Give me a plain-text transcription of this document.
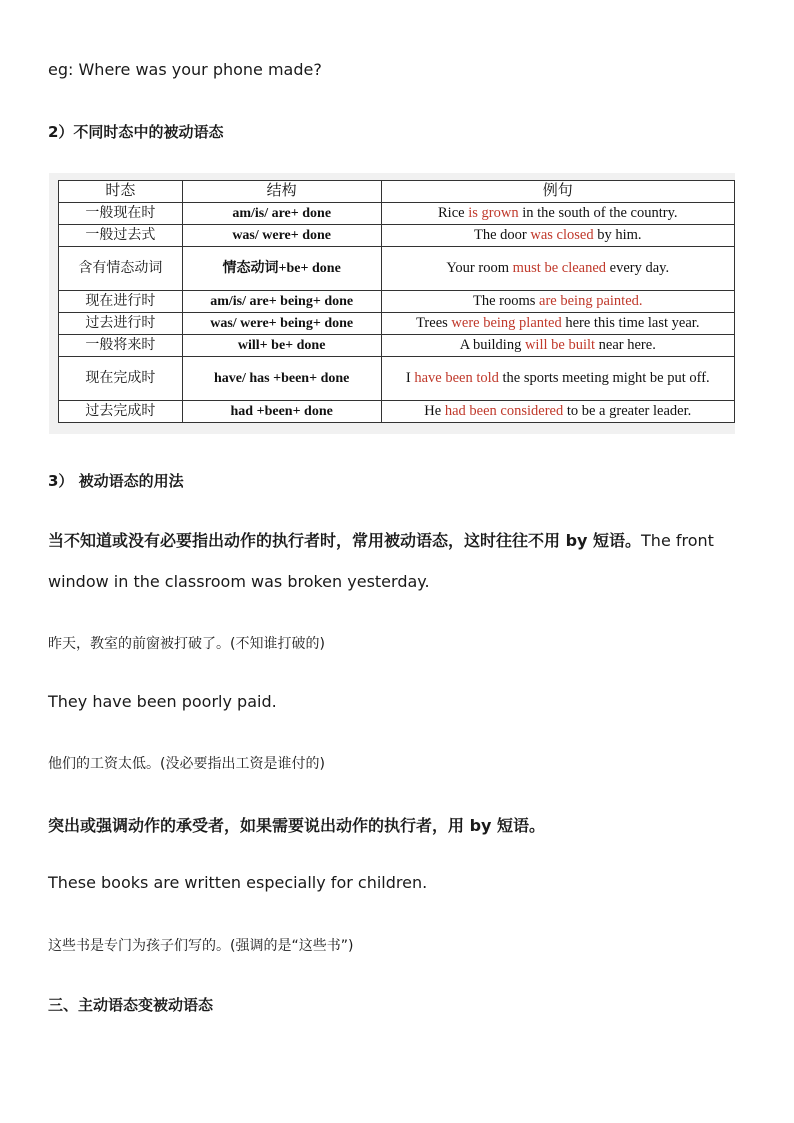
eg: Where was your phone made?
2）不同时态中的被动语态
时态	结构	例句
一般现在时	am/is/ are+ done	Rice is grown in the south of the country.
一般过去式	was/ were+ done	The door was closed by him.
含有情态动词	情态动词+be+ done	Your room must be cleaned every day.
现在进行时	am/is/ are+ being+ done	The rooms are being painted.
过去进行时	was/ were+ being+ done	Trees were being planted here this time last year.
一般将来时	will+ be+ done	A building will be built near here.
现在完成时	have/ has +been+ done	I have been told the sports meeting might be put off.
过去完成时	had +been+ done	He had been considered to be a greater leader.
3） 被动语态的用法
当不知道或没有必要指出动作的执行者时，常用被动语态，这时往往不用 by 短语。The front window in the classroom was broken yesterday.
昨天，教室的前窗被打破了。(不知谁打破的)
They have been poorly paid.
他们的工资太低。(没必要指出工资是谁付的)
突出或强调动作的承受者，如果需要说出动作的执行者，用 by 短语。
These books are written especially for children.
这些书是专门为孩子们写的。(强调的是“这些书”)
三、主动语态变被动语态
